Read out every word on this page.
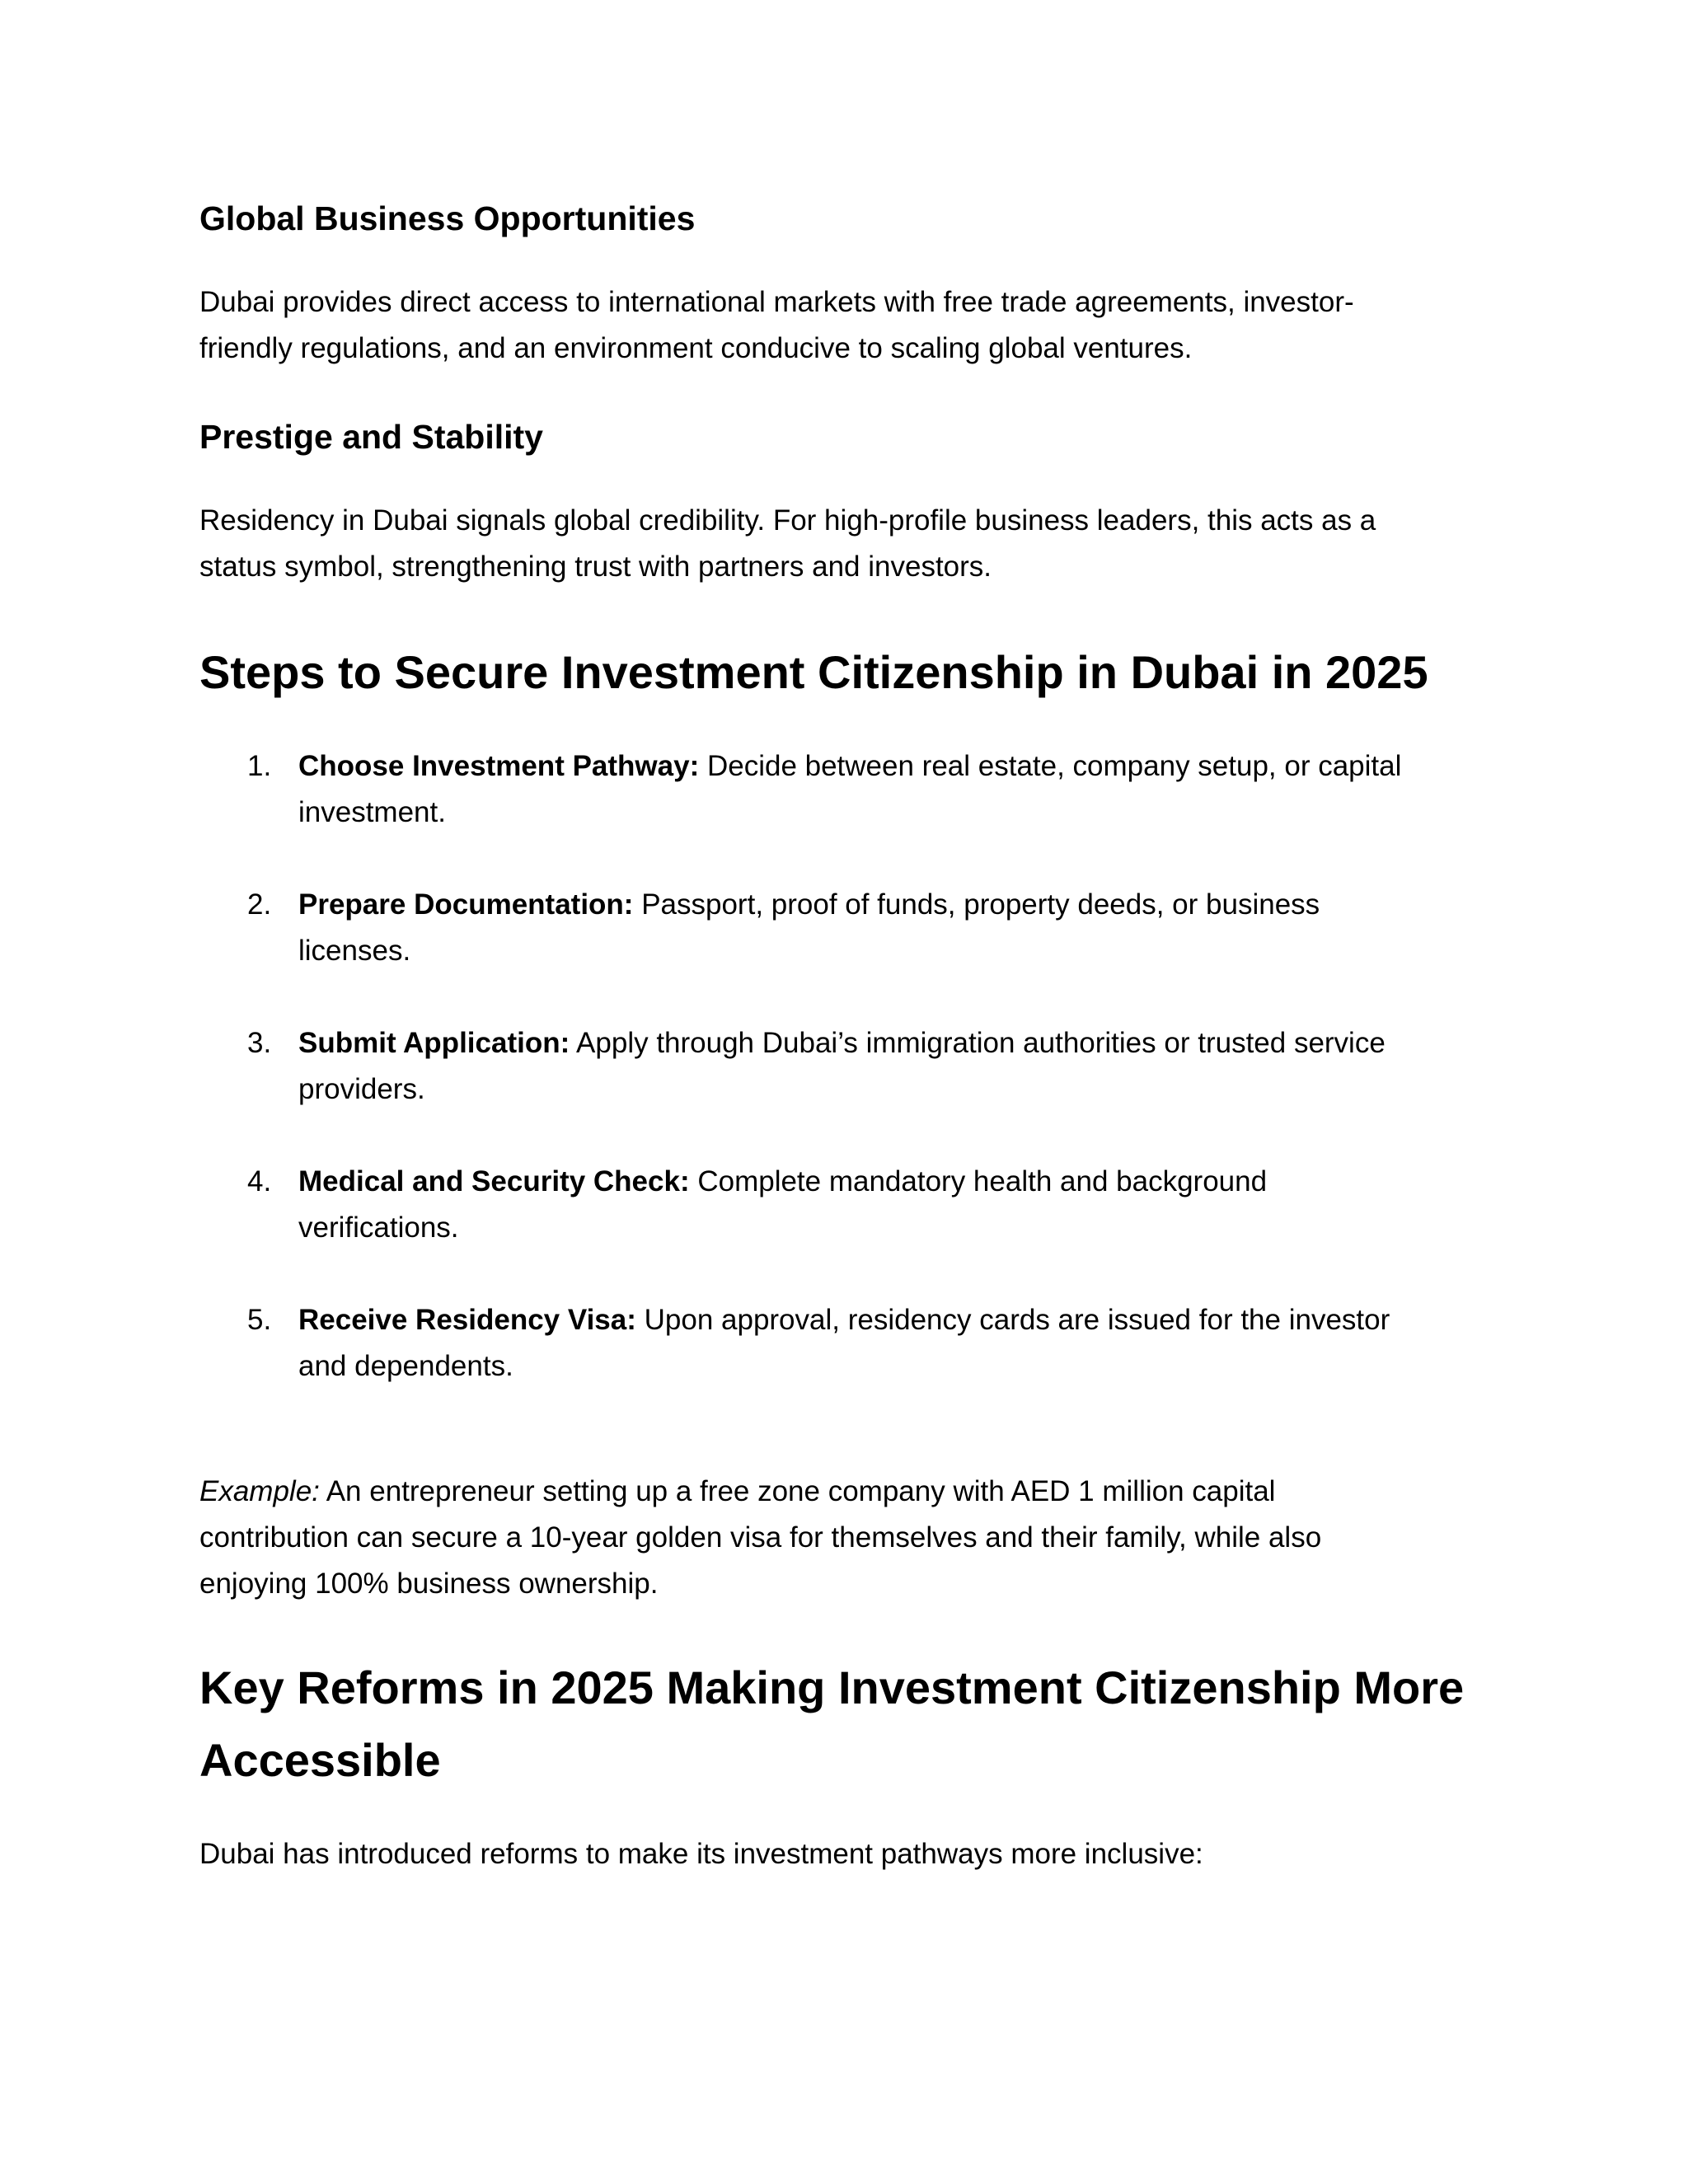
Global Business Opportunities
Dubai provides direct access to international markets with free trade agreements, investor-
friendly regulations, and an environment conducive to scaling global ventures.
Prestige and Stability
Residency in Dubai signals global credibility. For high-profile business leaders, this acts as a
status symbol, strengthening trust with partners and investors.
Steps to Secure Investment Citizenship in Dubai in 2025
1. Choose Investment Pathway: Decide between real estate, company setup, or capital
investment.
2. Prepare Documentation: Passport, proof of funds, property deeds, or business
licenses.
3. Submit Application: Apply through Dubai’s immigration authorities or trusted service
providers.
4. Medical and Security Check: Complete mandatory health and background
verifications.
5. Receive Residency Visa: Upon approval, residency cards are issued for the investor
and dependents.
Example: An entrepreneur setting up a free zone company with AED 1 million capital
contribution can secure a 10-year golden visa for themselves and their family, while also
enjoying 100% business ownership.
Key Reforms in 2025 Making Investment Citizenship More
Accessible
Dubai has introduced reforms to make its investment pathways more inclusive:
